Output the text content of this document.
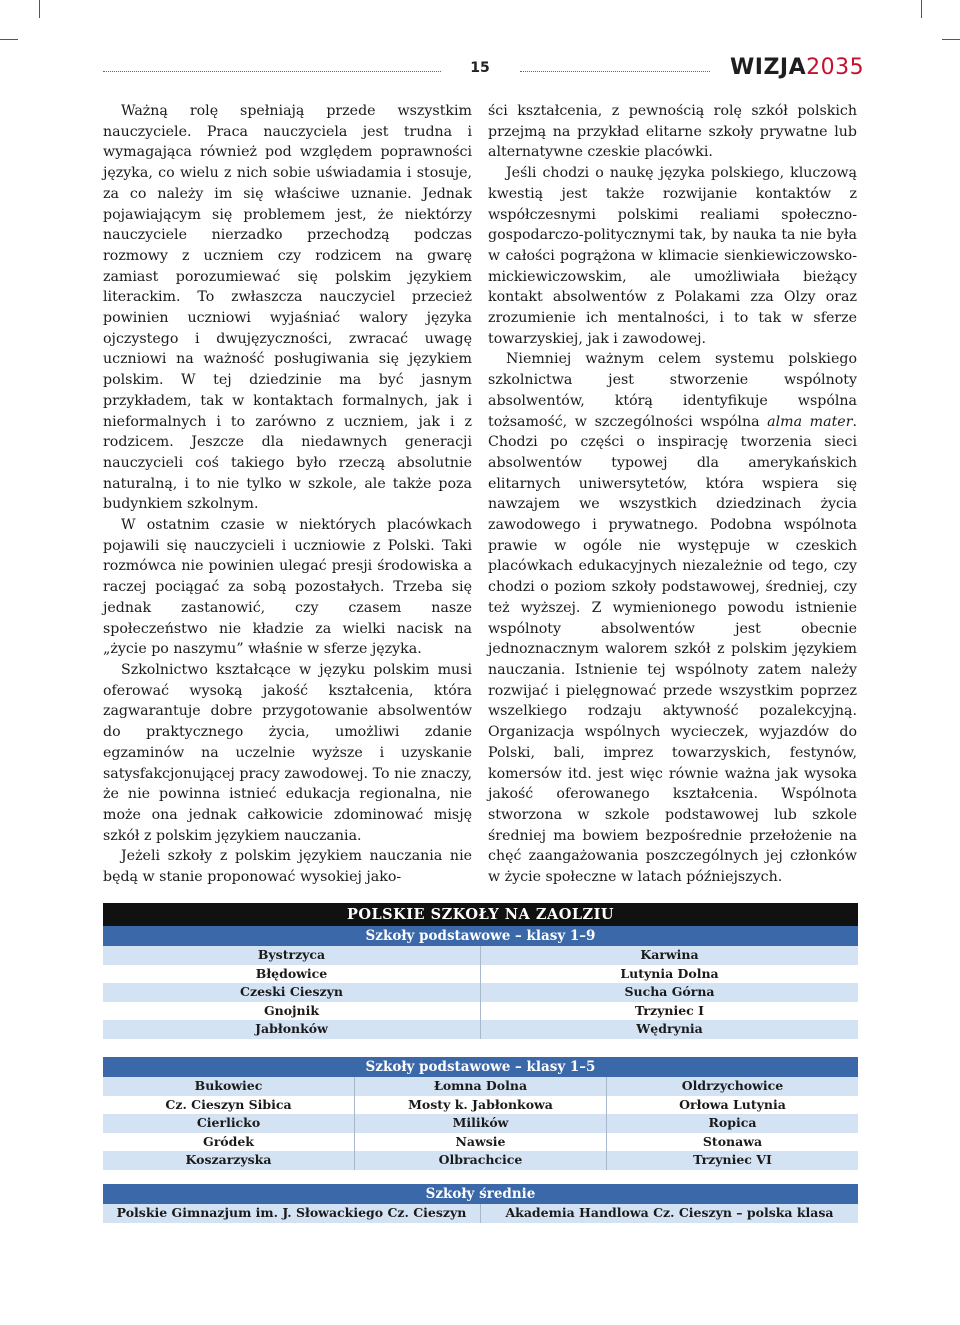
15	WIZJA2035

Ważną rolę spełniają przede wszystkim nauczyciele. Praca nauczyciela jest trudna i wymagająca również pod względem poprawności języka, co wielu z nich sobie uświadamia i stosuje, za co należy im się właściwe uznanie. Jednak pojawiającym się problemem jest, że niektórzy nauczyciele nierzadko przechodzą podczas rozmowy z uczniem czy rodzicem na gwarę zamiast porozumiewać się polskim językiem literackim. To zwłaszcza nauczyciel przecież powinien uczniowi wyjaśniać walory języka ojczystego i dwujęzyczności, zwracać uwagę uczniowi na ważność posługiwania się językiem polskim. W tej dziedzinie ma być jasnym przykładem, tak w kontaktach formalnych, jak i nieformalnych i to zarówno z uczniem, jak i z rodzicem. Jeszcze dla niedawnych generacji nauczycieli coś takiego było rzeczą absolutnie naturalną, i to nie tylko w szkole, ale także poza budynkiem szkolnym.

W ostatnim czasie w niektórych placówkach pojawili się nauczycieli i uczniowie z Polski. Taki rozmówca nie powinien ulegać presji środowiska a raczej pociągać za sobą pozostałych. Trzeba się jednak zastanowić, czy czasem nasze społeczeństwo nie kładzie za wielki nacisk na „życie po naszymu” właśnie w sferze języka.

Szkolnictwo kształcące w języku polskim musi oferować wysoką jakość kształcenia, która zagwarantuje dobre przygotowanie absolwentów do praktycznego życia, umożliwi zdanie egzaminów na uczelnie wyższe i uzyskanie satysfakcjonującej pracy zawodowej. To nie znaczy, że nie powinna istnieć edukacja regionalna, nie może ona jednak całkowicie zdominować misję szkół z polskim językiem nauczania.

Jeżeli szkoły z polskim językiem nauczania nie będą w stanie proponować wysokiej jako-

ści kształcenia, z pewnością rolę szkół polskich przejmą na przykład elitarne szkoły prywatne lub alternatywne czeskie placówki.

Jeśli chodzi o naukę języka polskiego, kluczową kwestią jest także rozwijanie kontaktów z współczesnymi polskimi realiami społeczno-gospodarczo-politycznymi tak, by nauka ta nie była w całości pogrążona w klimacie sienkiewiczowsko-mickiewiczowskim, ale umożliwiała bieżący kontakt absolwentów z Polakami zza Olzy oraz zrozumienie ich mentalności, i to tak w sferze towarzyskiej, jak i zawodowej.

Niemniej ważnym celem systemu polskiego szkolnictwa jest stworzenie wspólnoty absolwentów, którą identyfikuje wspólna tożsamość, w szczególności wspólna alma mater. Chodzi po części o inspirację tworzenia sieci absolwentów typowej dla amerykańskich elitarnych uniwersytetów, która wspiera się nawzajem we wszystkich dziedzinach życia zawodowego i prywatnego. Podobna wspólnota prawie w ogóle nie występuje w czeskich placówkach edukacyjnych niezależnie od tego, czy chodzi o poziom szkoły podstawowej, średniej, czy też wyższej. Z wymienionego powodu istnienie wspólnoty absolwentów jest obecnie jednoznacznym walorem szkół z polskim językiem nauczania. Istnienie tej wspólnoty zatem należy rozwijać i pielęgnować przede wszystkim poprzez wszelkiego rodzaju aktywność pozalekcyjną. Organizacja wspólnych wycieczek, wyjazdów do Polski, bali, imprez towarzyskich, festynów, komersów itd. jest więc równie ważna jak wysoka jakość oferowanego kształcenia. Wspólnota stworzona w szkole podstawowej lub szkole średniej ma bowiem bezpośrednie przełożenie na chęć zaangażowania poszczególnych jej członków w życie społeczne w latach późniejszych.

POLSKIE SZKOŁY NA ZAOLZIU
Szkoły podstawowe – klasy 1–9
Bystrzyca	Karwina
Błędowice	Lutynia Dolna
Czeski Cieszyn	Sucha Górna
Gnojnik	Trzyniec I
Jabłonków	Wędrynia
Szkoły podstawowe – klasy 1–5
Bukowiec	Łomna Dolna	Oldrzychowice
Cz. Cieszyn Sibica	Mosty k. Jabłonkowa	Orłowa Lutynia
Cierlicko	Milików	Ropica
Gródek	Nawsie	Stonawa
Koszarzyska	Olbrachcice	Trzyniec VI
Szkoły średnie
Polskie Gimnazjum im. J. Słowackiego Cz. Cieszyn	Akademia Handlowa Cz. Cieszyn – polska klasa
